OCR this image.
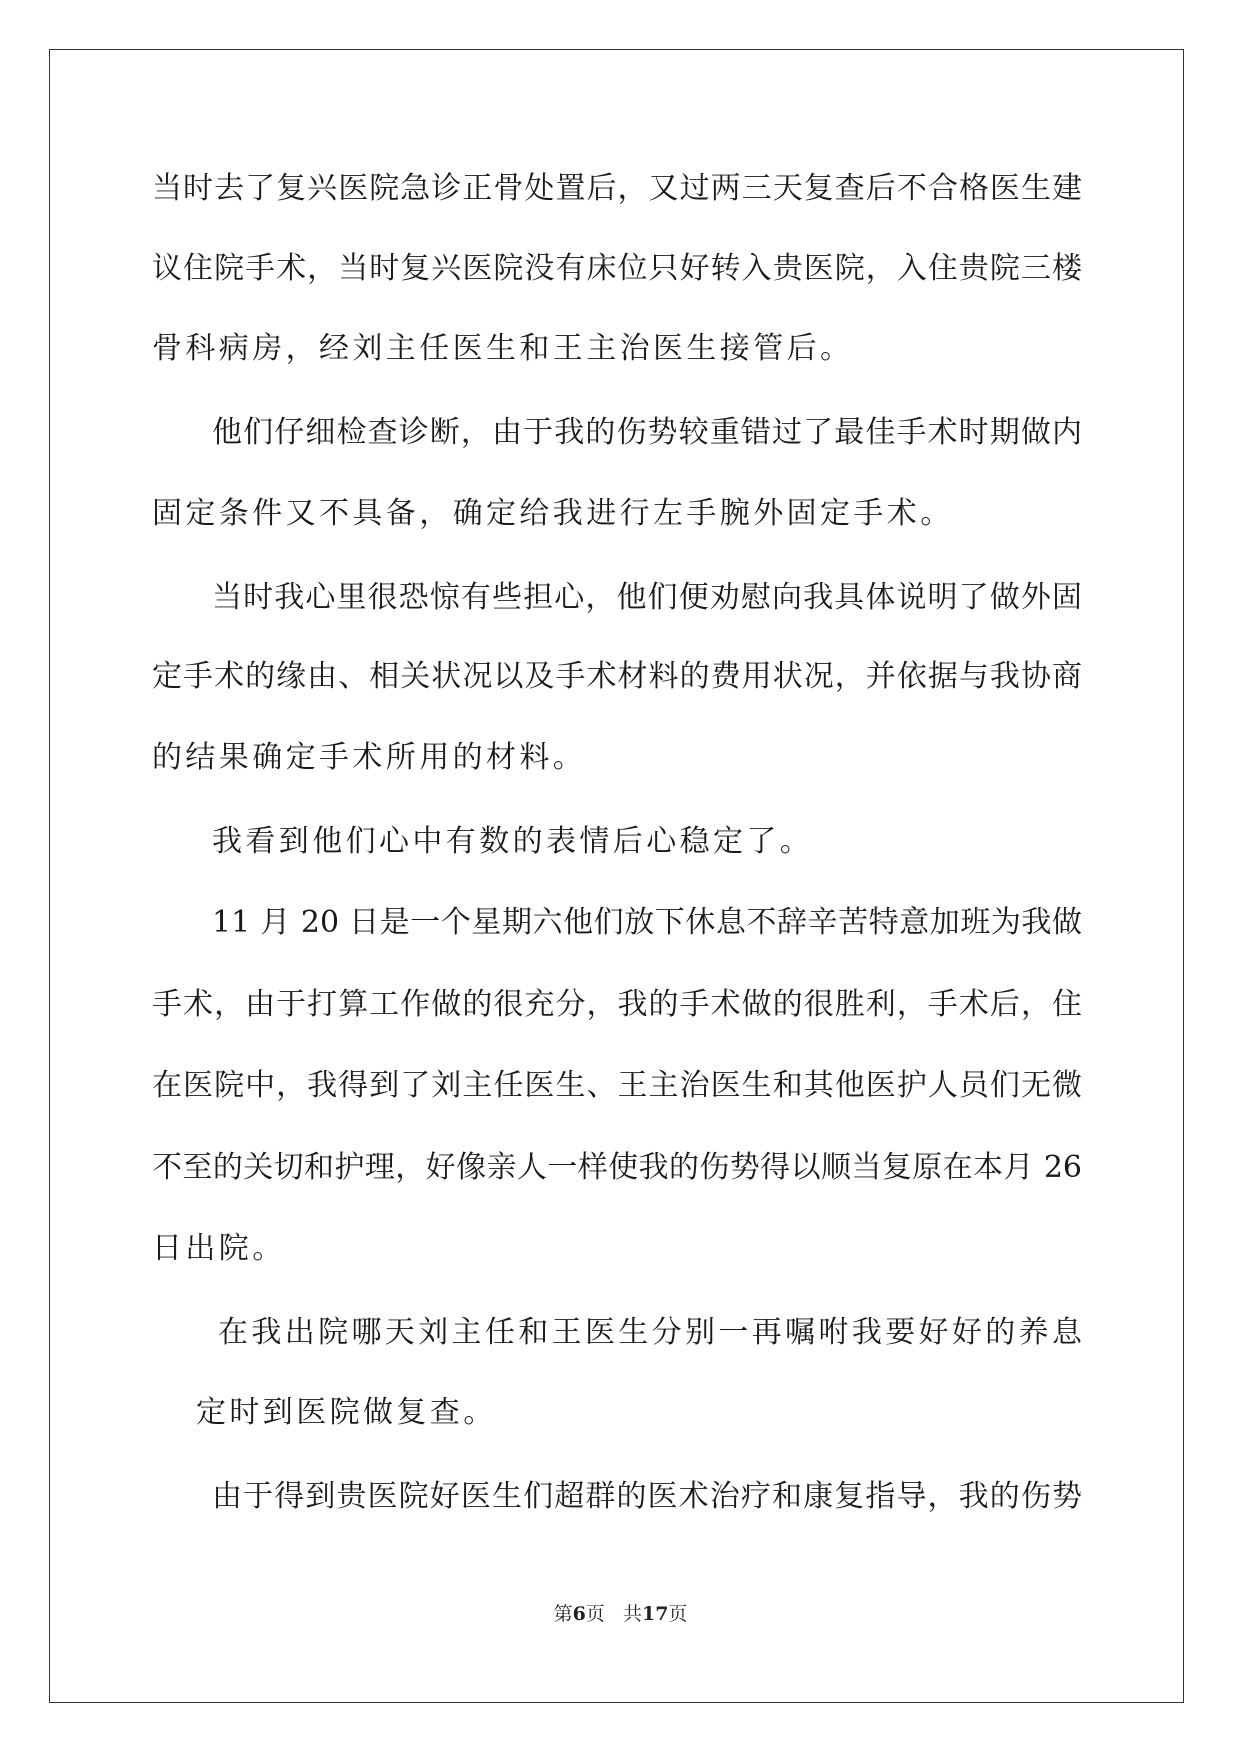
当时去了复兴医院急诊正骨处置后，又过两三天复查后不合格医生建
议住院手术，当时复兴医院没有床位只好转入贵医院，入住贵院三楼
骨科病房，经刘主任医生和王主治医生接管后。
他们仔细检查诊断，由于我的伤势较重错过了最佳手术时期做内
固定条件又不具备，确定给我进行左手腕外固定手术。
当时我心里很恐惊有些担心，他们便劝慰向我具体说明了做外固
定手术的缘由、相关状况以及手术材料的费用状况，并依据与我协商
的结果确定手术所用的材料。
我看到他们心中有数的表情后心稳定了。
11 月 20 日是一个星期六他们放下休息不辞辛苦特意加班为我做
手术，由于打算工作做的很充分，我的手术做的很胜利，手术后，住
在医院中，我得到了刘主任医生、王主治医生和其他医护人员们无微
不至的关切和护理，好像亲人一样使我的伤势得以顺当复原在本月 26
日出院。
在我出院哪天刘主任和王医生分别一再嘱咐我要好好的养息
定时到医院做复查。
由于得到贵医院好医生们超群的医术治疗和康复指导，我的伤势
第6页 共17页
